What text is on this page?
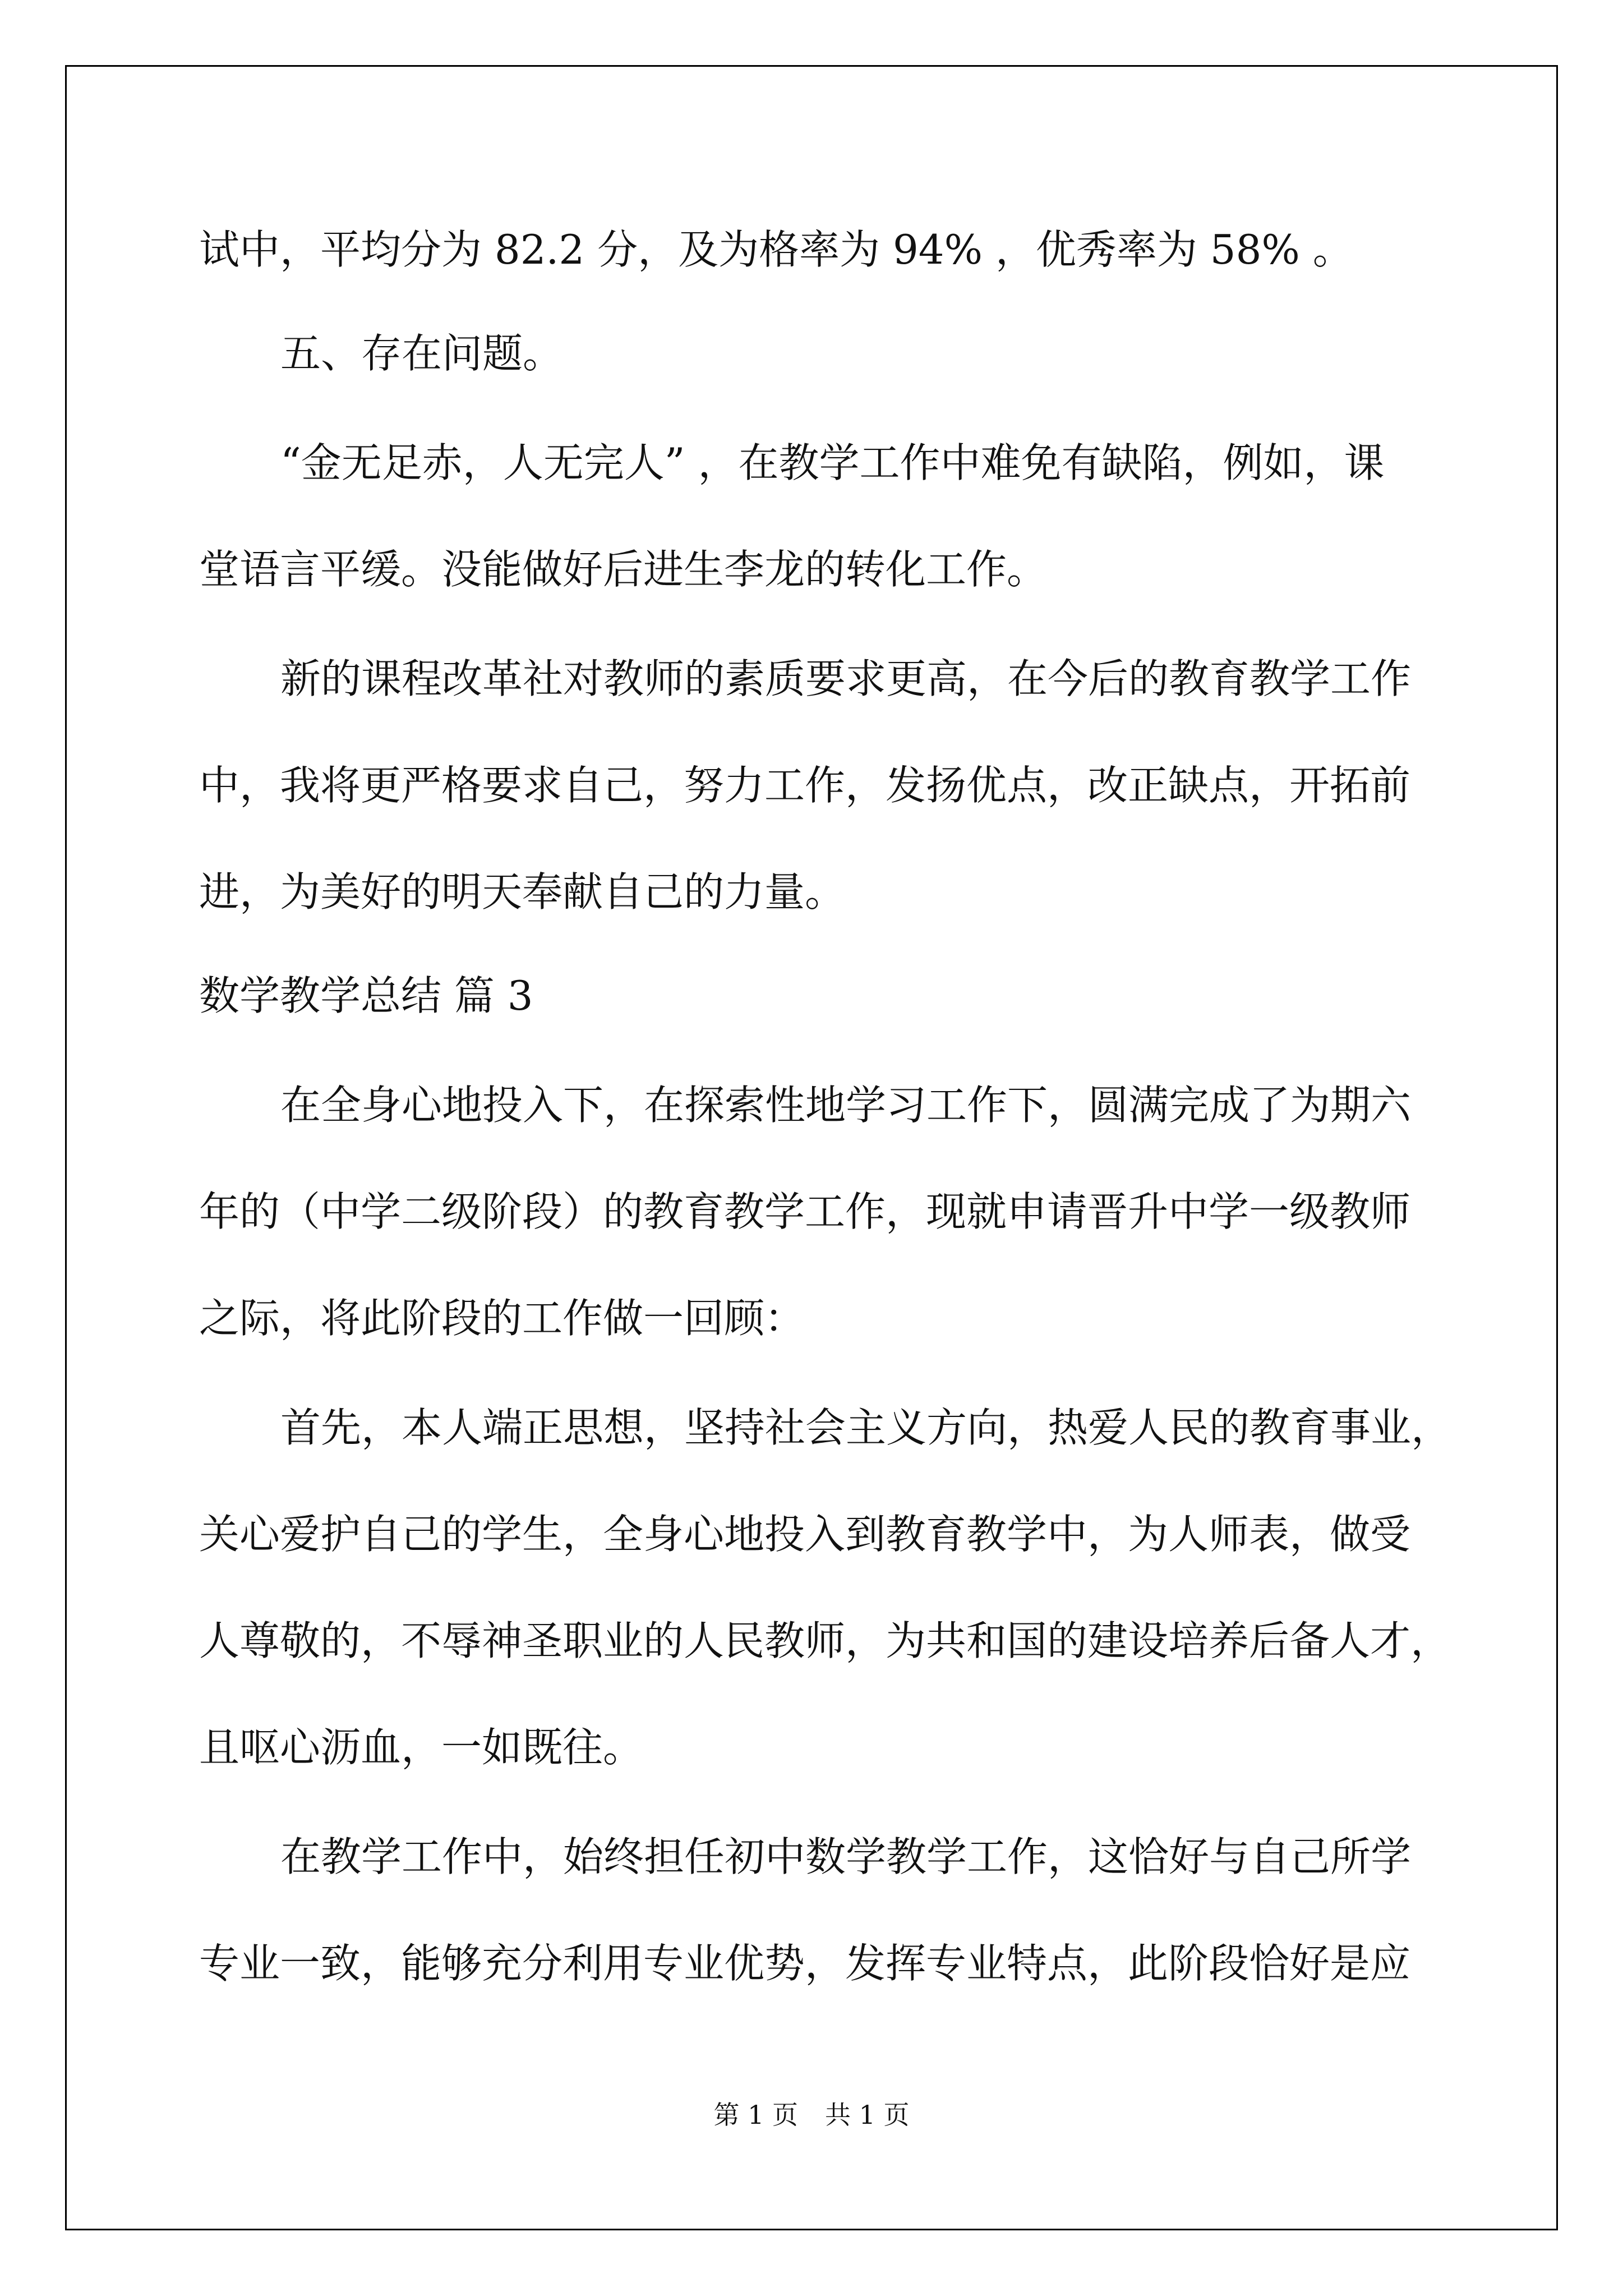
试中，平均分为 82.2 分，及为格率为 94% ，优秀率为 58% 。
五、存在问题。
“金无足赤，人无完人” ，在教学工作中难免有缺陷，例如，课
堂语言平缓。没能做好后进生李龙的转化工作。
新的课程改革社对教师的素质要求更高，在今后的教育教学工作
中，我将更严格要求自己，努力工作，发扬优点，改正缺点，开拓前
进，为美好的明天奉献自己的力量。
数学教学总结 篇 3
在全身心地投入下，在探索性地学习工作下，圆满完成了为期六
年的（中学二级阶段）的教育教学工作，现就申请晋升中学一级教师
之际，将此阶段的工作做一回顾：
首先，本人端正思想，坚持社会主义方向，热爱人民的教育事业，
关心爱护自己的学生，全身心地投入到教育教学中，为人师表，做受
人尊敬的，不辱神圣职业的人民教师，为共和国的建设培养后备人才，
且呕心沥血，一如既往。
在教学工作中，始终担任初中数学教学工作，这恰好与自己所学
专业一致，能够充分利用专业优势，发挥专业特点，此阶段恰好是应
第 1 页 共 1 页
